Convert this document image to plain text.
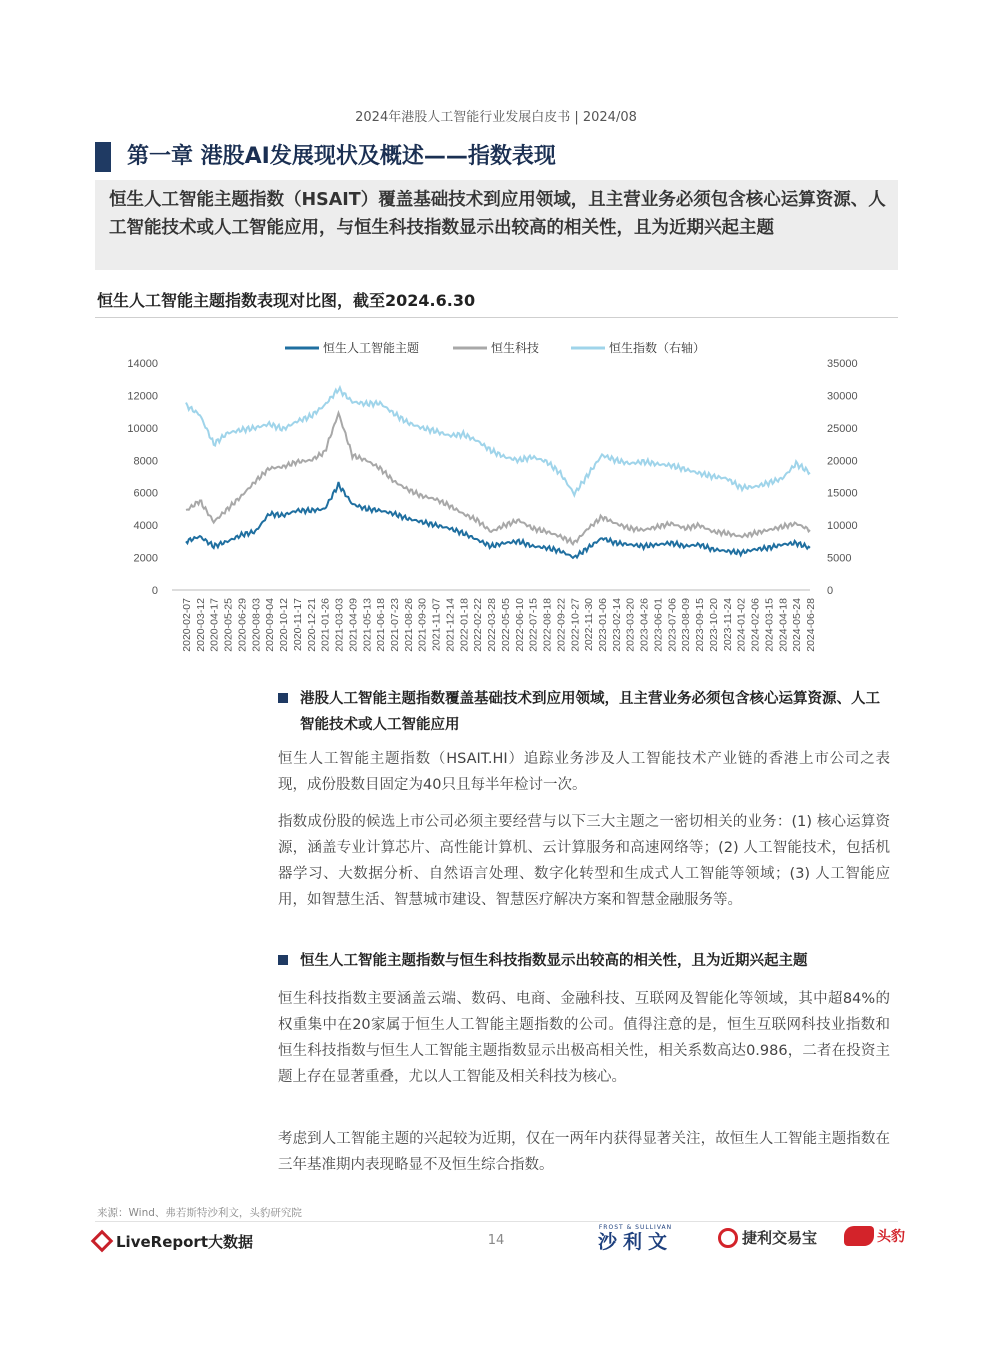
2024年港股人工智能行业发展白皮书 | 2024/08
第一章 港股AI发展现状及概述——指数表现
恒生人工智能主题指数（HSAIT）覆盖基础技术到应用领域，且主营业务必须包含核心运算资源、人工智能技术或人工智能应用，与恒生科技指数显示出较高的相关性，且为近期兴起主题
恒生人工智能主题指数表现对比图，截至2024.6.30
0
2000
4000
6000
8000
10000
12000
14000
0
5000
10000
15000
20000
25000
30000
35000
2020-02-07 2020-03-12 2020-04-17 2020-05-25 2020-06-29 2020-08-03 2020-09-04 2020-10-12 2020-11-17 2020-12-21 2021-01-26 2021-03-03 2021-04-09 2021-05-13 2021-06-18 2021-07-23 2021-08-26 2021-09-30 2021-11-07 2021-12-14 2022-01-18 2022-02-22 2022-03-28 2022-05-05 2022-06-10 2022-07-15 2022-08-18 2022-09-22 2022-10-27 2022-11-30 2023-01-06 2023-02-14 2023-03-20 2023-04-26 2023-06-01 2023-07-06 2023-08-09 2023-09-15 2023-10-20 2023-11-24 2024-01-02 2024-02-06 2024-03-15 2024-04-18 2024-05-24 2024-06-28
恒生人工智能主题	恒生科技	恒生指数（右轴）
港股人工智能主题指数覆盖基础技术到应用领域，且主营业务必须包含核心运算资源、人工智能技术或人工智能应用
恒生人工智能主题指数（HSAIT.HI）追踪业务涉及人工智能技术产业链的香港上市公司之表现，成份股数目固定为40只且每半年检讨一次。
指数成份股的候选上市公司必须主要经营与以下三大主题之一密切相关的业务：(1) 核心运算资源，涵盖专业计算芯片、高性能计算机、云计算服务和高速网络等；(2) 人工智能技术，包括机器学习、大数据分析、自然语言处理、数字化转型和生成式人工智能等领域；(3) 人工智能应用，如智慧生活、智慧城市建设、智慧医疗解决方案和智慧金融服务等。
恒生人工智能主题指数与恒生科技指数显示出较高的相关性，且为近期兴起主题
恒生科技指数主要涵盖云端、数码、电商、金融科技、互联网及智能化等领域，其中超84%的权重集中在20家属于恒生人工智能主题指数的公司。值得注意的是，恒生互联网科技业指数和恒生科技指数与恒生人工智能主题指数显示出极高相关性，相关系数高达0.986，二者在投资主题上存在显著重叠，尤以人工智能及相关科技为核心。
考虑到人工智能主题的兴起较为近期，仅在一两年内获得显著关注，故恒生人工智能主题指数在三年基准期内表现略显不及恒生综合指数。
来源：Wind、弗若斯特沙利文，头豹研究院
LiveReport大数据	14
FROST & SULLIVAN
沙利文	捷利交易宝	头豹
